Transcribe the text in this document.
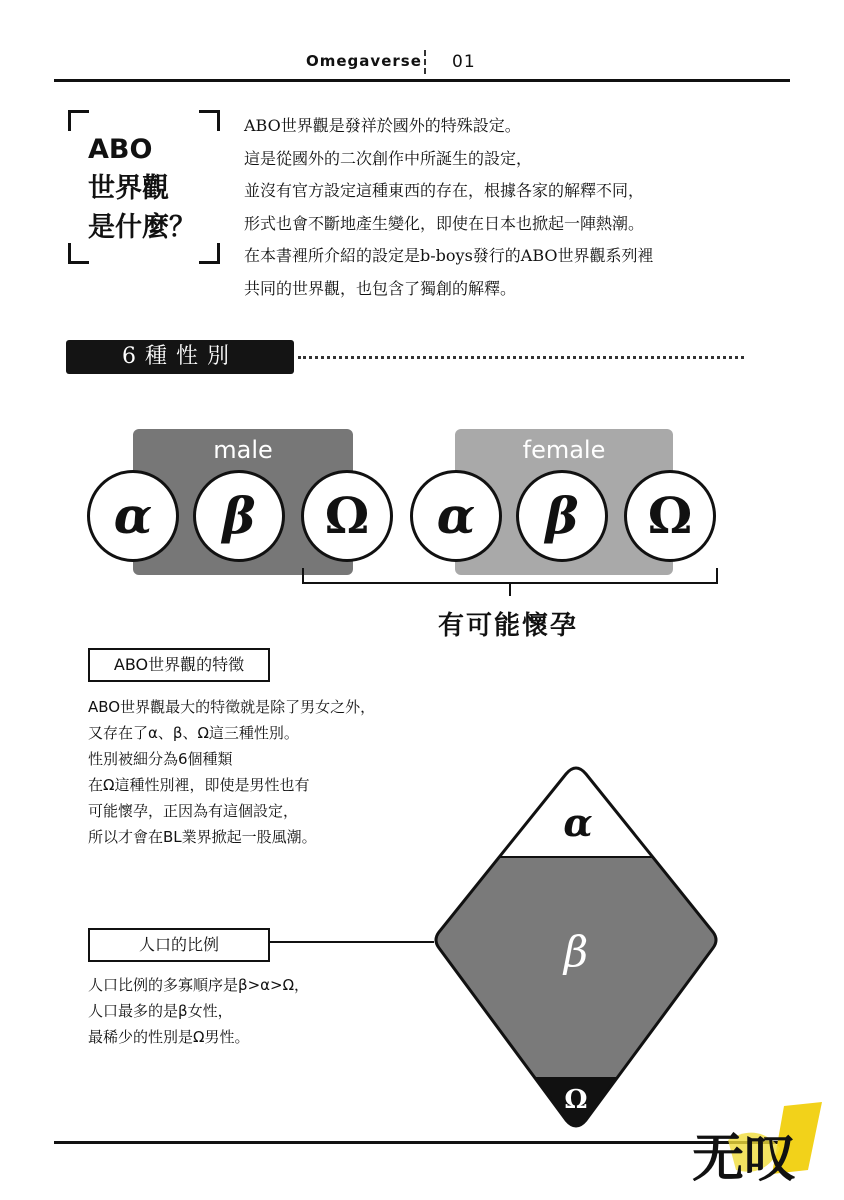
Omegaverse 01
ABO
世界觀
是什麼？
ABO世界觀是發祥於國外的特殊設定。
這是從國外的二次創作中所誕生的設定，
並沒有官方設定這種東西的存在，根據各家的解釋不同，
形式也會不斷地產生變化，即使在日本也掀起一陣熱潮。
在本書裡所介紹的設定是b-boys發行的ABO世界觀系列裡
共同的世界觀，也包含了獨創的解釋。
6種性別
male	female
α	β	Ω	α	β	Ω
有可能懷孕
ABO世界觀的特徵
ABO世界觀最大的特徵就是除了男女之外，
又存在了α、β、Ω這三種性別。
性別被細分為6個種類
在Ω這種性別裡，即使是男性也有
可能懷孕，正因為有這個設定，
所以才會在BL業界掀起一股風潮。
人口的比例
人口比例的多寡順序是β>α>Ω，
人口最多的是β女性，
最稀少的性別是Ω男性。
α
β
Ω
无叹
